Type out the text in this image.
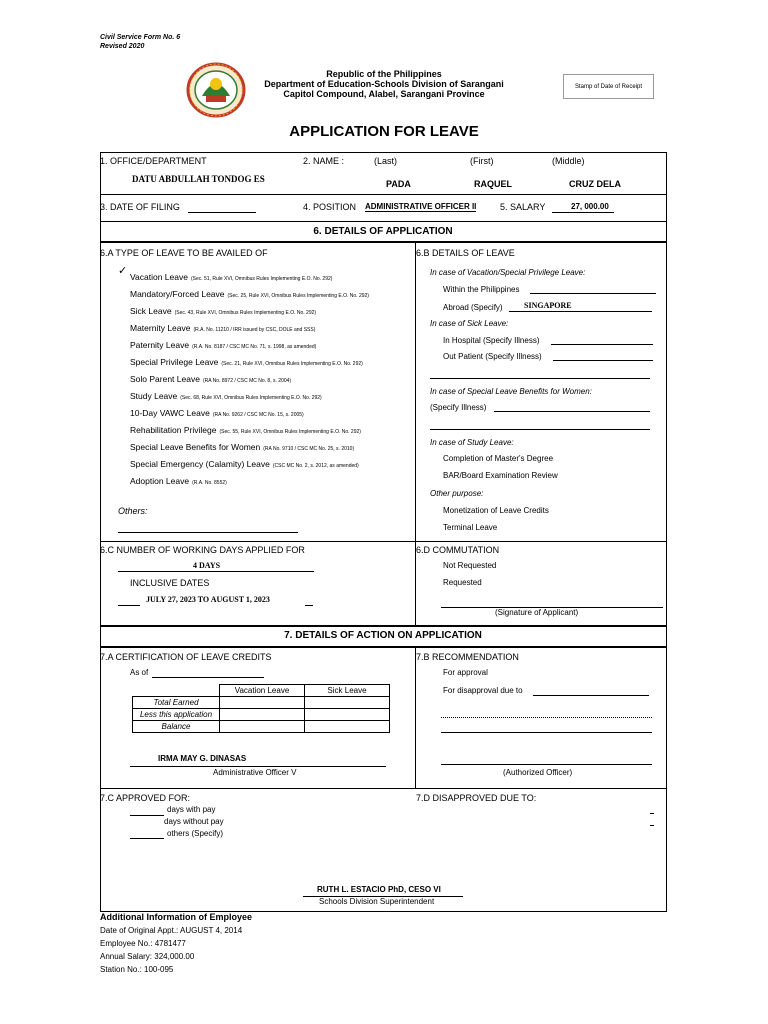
Civil Service Form No. 6
Revised 2020
Republic of the Philippines
Department of Education-Schools Division of Sarangani
Capitol Compound, Alabel, Sarangani Province
Stamp of Date of Receipt
APPLICATION FOR LEAVE
1. OFFICE/DEPARTMENT
DATU ABDULLAH TONDOG ES
2. NAME :	(Last)	(First)	(Middle)
PADA	RAQUEL	CRUZ DELA
3. DATE OF FILING	4. POSITION ADMINISTRATIVE OFFICER II	5. SALARY	27, 000.00
6. DETAILS OF APPLICATION
6.A TYPE OF LEAVE TO BE AVAILED OF
✓ Vacation Leave (Sec. 51, Rule XVI, Omnibus Rules Implementing E.O. No. 292)
Mandatory/Forced Leave (Sec. 25, Rule XVI, Omnibus Rules Implementing E.O. No. 292)
Sick Leave (Sec. 43, Rule XVI, Omnibus Rules Implementing E.O. No. 292)
Maternity Leave (R.A. No. 11210 / IRR issued by CSC, DOLE and SSS)
Paternity Leave (R.A. No. 8187 / CSC MC No. 71, s. 1998, as amended)
Special Privilege Leave (Sec. 21, Rule XVI, Omnibus Rules Implementing E.O. No. 292)
Solo Parent Leave (RA No. 8972 / CSC MC No. 8, s. 2004)
Study Leave (Sec. 68, Rule XVI, Omnibus Rules Implementing E.O. No. 292)
10-Day VAWC Leave (RA No. 9262 / CSC MC No. 15, s. 2005)
Rehabilitation Privilege (Sec. 55, Rule XVI, Omnibus Rules Implementing E.O. No. 292)
Special Leave Benefits for Women (RA No. 9710 / CSC MC No. 25, s. 2010)
Special Emergency (Calamity) Leave (CSC MC No. 2, s. 2012, as amended)
Adoption Leave (R.A. No. 8552)
Others:
6.B DETAILS OF LEAVE
In case of Vacation/Special Privilege Leave:
Within the Philippines
Abroad (Specify)	SINGAPORE
In case of Sick Leave:
In Hospital (Specify Illness)
Out Patient (Specify Illness)
In case of Special Leave Benefits for Women:
(Specify Illness)
In case of Study Leave:
Completion of Master's Degree
BAR/Board Examination Review
Other purpose:
Monetization of Leave Credits
Terminal Leave
6.C NUMBER OF WORKING DAYS APPLIED FOR
4 DAYS
INCLUSIVE DATES
JULY 27, 2023 TO AUGUST 1, 2023
6.D COMMUTATION
Not Requested
Requested
(Signature of Applicant)
7. DETAILS OF ACTION ON APPLICATION
7.A CERTIFICATION OF LEAVE CREDITS
As of
	Vacation Leave	Sick Leave
Total Earned		
Less this application		
Balance		
IRMA MAY G. DINASAS
Administrative Officer V
7.B RECOMMENDATION
For approval
For disapproval due to
(Authorized Officer)
7.C APPROVED FOR:
days with pay
days without pay
others (Specify)
7.D DISAPPROVED DUE TO:
RUTH L. ESTACIO PhD, CESO VI
Schools Division Superintendent
Additional Information of Employee
Date of Original Appt.: AUGUST 4, 2014
Employee No.: 4781477
Annual Salary: 324,000.00
Station No.: 100-095
